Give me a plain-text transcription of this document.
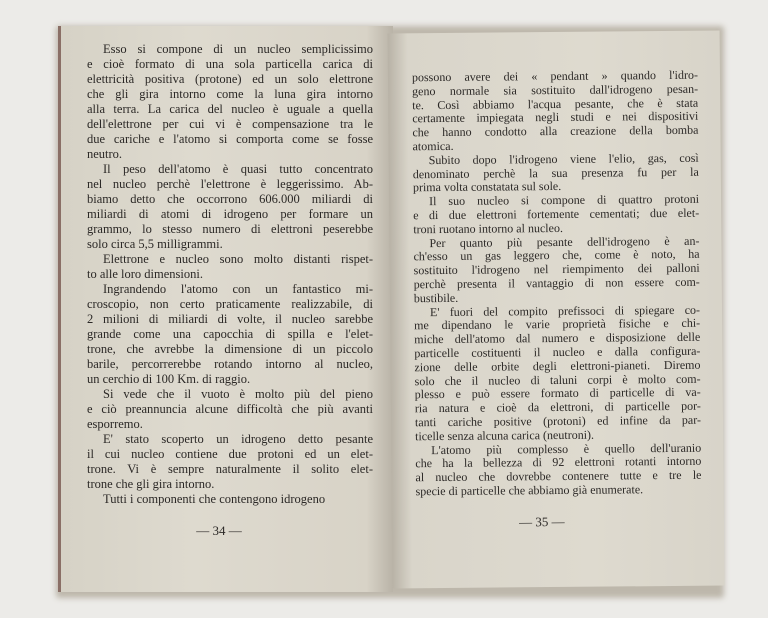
Esso si compone di un nucleo semplicissimo
e cioè formato di una sola particella carica di
elettricità positiva (protone) ed un solo elettrone
che gli gira intorno come la luna gira intorno
alla terra. La carica del nucleo è uguale a quella
dell'elettrone per cui vi è compensazione tra le
due cariche e l'atomo si comporta come se fosse
neutro.
Il peso dell'atomo è quasi tutto concentrato
nel nucleo perchè l'elettrone è leggerissimo. Ab-
biamo detto che occorrono 606.000 miliardi di
miliardi di atomi di idrogeno per formare un
grammo, lo stesso numero di elettroni peserebbe
solo circa 5,5 milligrammi.
Elettrone e nucleo sono molto distanti rispet-
to alle loro dimensioni.
Ingrandendo l'atomo con un fantastico mi-
croscopio, non certo praticamente realizzabile, di
2 milioni di miliardi di volte, il nucleo sarebbe
grande come una capocchia di spilla e l'elet-
trone, che avrebbe la dimensione di un piccolo
barile, percorrerebbe rotando intorno al nucleo,
un cerchio di 100 Km. di raggio.
Si vede che il vuoto è molto più del pieno
e ciò preannuncia alcune difficoltà che più avanti
esporremo.
E' stato scoperto un idrogeno detto pesante
il cui nucleo contiene due protoni ed un elet-
trone. Vi è sempre naturalmente il solito elet-
trone che gli gira intorno.
Tutti i componenti che contengono idrogeno
— 34 —
possono avere dei « pendant » quando l'idro-
geno normale sia sostituito dall'idrogeno pesan-
te. Così abbiamo l'acqua pesante, che è stata
certamente impiegata negli studi e nei dispositivi
che hanno condotto alla creazione della bomba
atomica.
Subito dopo l'idrogeno viene l'elio, gas, così
denominato perchè la sua presenza fu per la
prima volta constatata sul sole.
Il suo nucleo si compone di quattro protoni
e di due elettroni fortemente cementati; due elet-
troni ruotano intorno al nucleo.
Per quanto più pesante dell'idrogeno è an-
ch'esso un gas leggero che, come è noto, ha
sostituito l'idrogeno nel riempimento dei palloni
perchè presenta il vantaggio di non essere com-
bustibile.
E' fuori del compito prefissoci di spiegare co-
me dipendano le varie proprietà fisiche e chi-
miche dell'atomo dal numero e disposizione delle
particelle costituenti il nucleo e dalla configura-
zione delle orbite degli elettroni-pianeti. Diremo
solo che il nucleo di taluni corpi è molto com-
plesso e può essere formato di particelle di va-
ria natura e cioè da elettroni, di particelle por-
tanti cariche positive (protoni) ed infine da par-
ticelle senza alcuna carica (neutroni).
L'atomo più complesso è quello dell'uranio
che ha la bellezza di 92 elettroni rotanti intorno
al nucleo che dovrebbe contenere tutte e tre le
specie di particelle che abbiamo già enumerate.
— 35 —
